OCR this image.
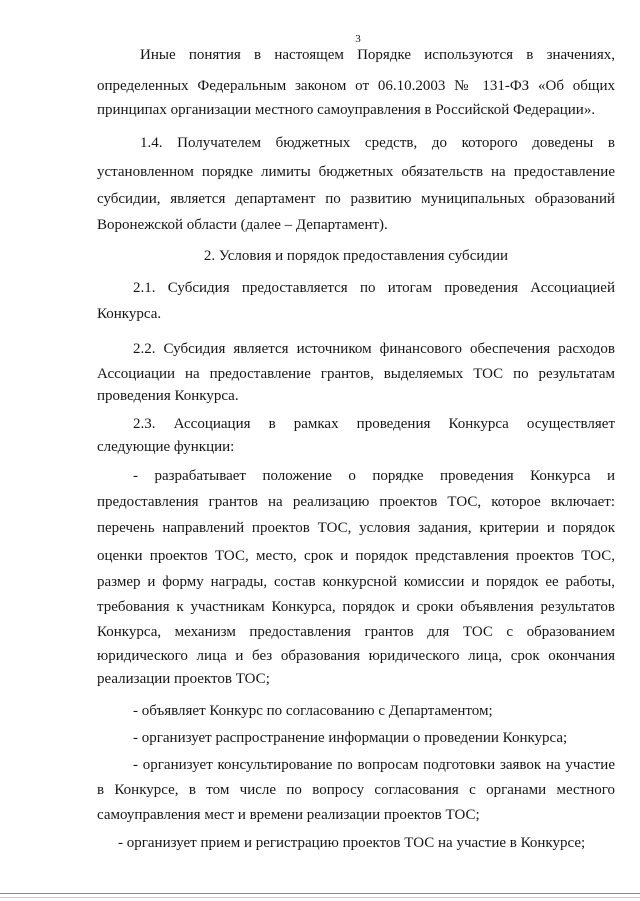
3
Иные понятия в настоящем Порядке используются в значениях,
определенных Федеральным законом от 06.10.2003 № 131-ФЗ «Об общих
принципах организации местного самоуправления в Российской Федерации».
1.4. Получателем бюджетных средств, до которого доведены в
установленном порядке лимиты бюджетных обязательств на предоставление
субсидии, является департамент по развитию муниципальных образований
Воронежской области (далее – Департамент).
2. Условия и порядок предоставления субсидии
2.1. Субсидия предоставляется по итогам проведения Ассоциацией
Конкурса.
2.2. Субсидия является источником финансового обеспечения расходов
Ассоциации на предоставление грантов, выделяемых ТОС по результатам
проведения Конкурса.
2.3. Ассоциация в рамках проведения Конкурса осуществляет
следующие функции:
- разрабатывает положение о порядке проведения Конкурса и
предоставления грантов на реализацию проектов ТОС, которое включает:
перечень направлений проектов ТОС, условия задания, критерии и порядок
оценки проектов ТОС, место, срок и порядок представления проектов ТОС,
размер и форму награды, состав конкурсной комиссии и порядок ее работы,
требования к участникам Конкурса, порядок и сроки объявления результатов
Конкурса, механизм предоставления грантов для ТОС с образованием
юридического лица и без образования юридического лица, срок окончания
реализации проектов ТОС;
- объявляет Конкурс по согласованию с Департаментом;
- организует распространение информации о проведении Конкурса;
- организует консультирование по вопросам подготовки заявок на участие
в Конкурсе, в том числе по вопросу согласования с органами местного
самоуправления мест и времени реализации проектов ТОС;
- организует прием и регистрацию проектов ТОС на участие в Конкурсе;
